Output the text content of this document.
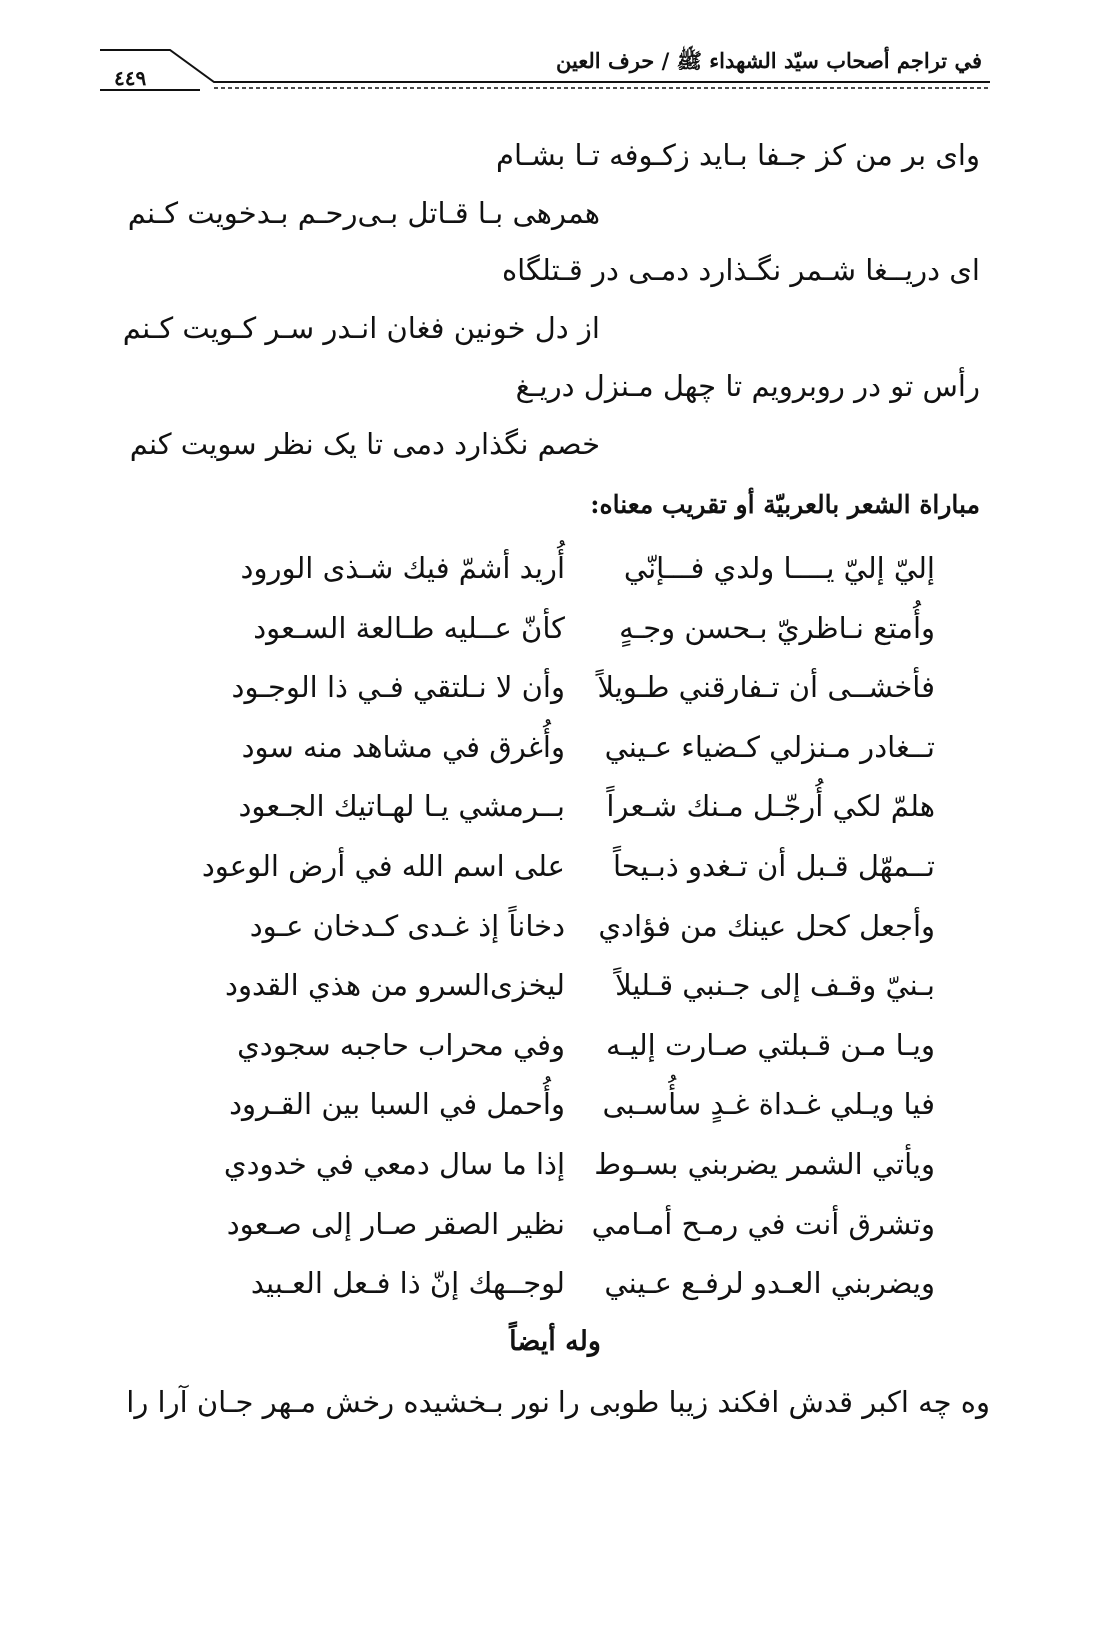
في تراجم أصحاب سيّد الشهداء ﷺ / حرف العين
٤٤٩
وای بر من کز جـفا بـاید زکـوفه تـا بشـام
همرهی بـا قـاتل بـی‌رحـم بـدخویت کـنم
ای دریــغا شـمر نگـذارد دمـی در قـتلگاه
از دل خونین فغان انـدر سـر کـویت کـنم
رأس تو در روبرویم تا چهل مـنزل دریـغ
خصم نگذارد دمی تا یک نظر سویت کنم
مباراة الشعر بالعربيّة أو تقريب معناه:
إليّ إليّ يــــا ولدي فـــإنّي
أُريد أشمّ فيك شـذى الورود
وأُمتع نـاظريّ بـحسن وجـهٍ
كأنّ عــليه طـالعة السـعود
فأخشــى أن تـفارقني طـويلاً
وأن لا نـلتقي فـي ذا الوجـود
تــغادر مـنزلي كـضياء عـيني
وأُغرق في مشاهد منه سود
هلمّ لكي أُرجّـل مـنك شـعراً
بــرمشي يـا لهـاتيك الجـعود
تــمهّل قـبل أن تـغدو ذبـيحاً
على اسم الله في أرض الوعود
وأجعل كحل عينك من فؤادي
دخاناً إذ غـدى كـدخان عـود
بـنيّ وقـف إلى جـنبي قـليلاً
ليخزى‌السرو من هذي القدود
ويـا مـن قـبلتي صـارت إليـه
وفي محراب حاجبه سجودي
فيا ويـلي غـداة غـدٍ سأُسـبى
وأُحمل في السبا بين القـرود
ويأتي الشمر يضربني بسـوط
إذا ما سال دمعي في خدودي
وتشرق أنت في رمـح أمـامي
نظير الصقر صـار إلى صـعود
ويضربني العـدو لرفـع عـيني
لوجــهك إنّ ذا فـعل العـبيد
وله أيضاً
وه چه اکبر قدش افکند زیبا طوبی را
نور بـخشيده رخش مـهر جـان آرا را
